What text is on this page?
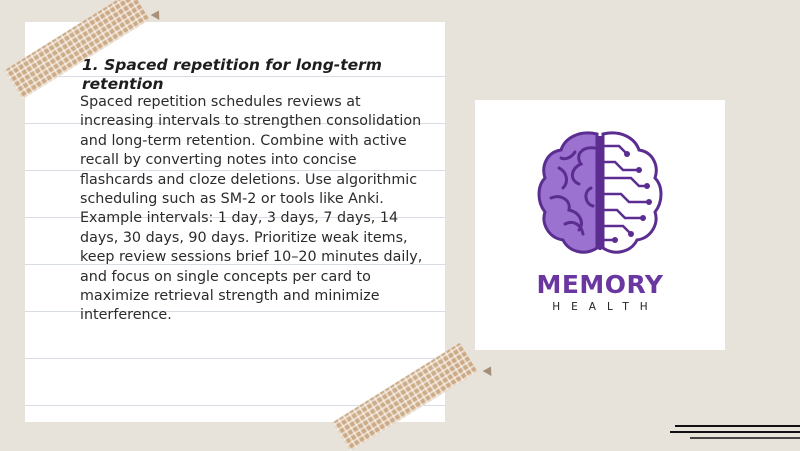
1. Spaced repetition for long-term retention

Spaced repetition schedules reviews at increasing intervals to strengthen consolidation and long-term retention. Combine with active recall by converting notes into concise flashcards and cloze deletions. Use algorithmic scheduling such as SM-2 or tools like Anki. Example intervals: 1 day, 3 days, 7 days, 14 days, 30 days, 90 days. Prioritize weak items, keep review sessions brief 10–20 minutes daily, and focus on single concepts per card to maximize retrieval strength and minimize interference.

MEMORY
HEALTH
